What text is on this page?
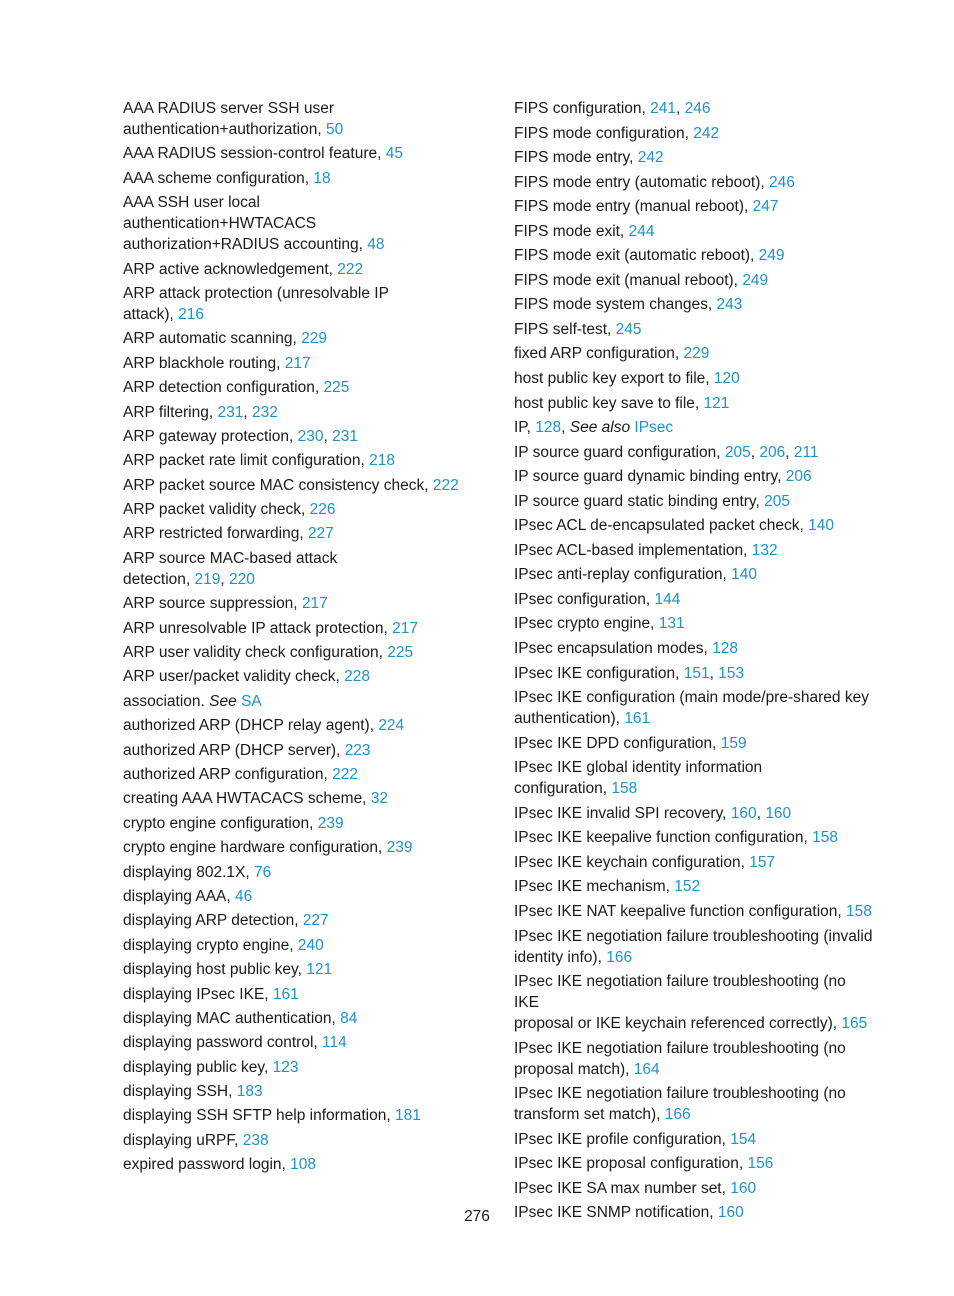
AAA RADIUS server SSH user
authentication+authorization, 50
AAA RADIUS session-control feature, 45
AAA scheme configuration, 18
AAA SSH user local
authentication+HWTACACS
authorization+RADIUS accounting, 48
ARP active acknowledgement, 222
ARP attack protection (unresolvable IP
attack), 216
ARP automatic scanning, 229
ARP blackhole routing, 217
ARP detection configuration, 225
ARP filtering, 231, 232
ARP gateway protection, 230, 231
ARP packet rate limit configuration, 218
ARP packet source MAC consistency check, 222
ARP packet validity check, 226
ARP restricted forwarding, 227
ARP source MAC-based attack
detection, 219, 220
ARP source suppression, 217
ARP unresolvable IP attack protection, 217
ARP user validity check configuration, 225
ARP user/packet validity check, 228
association. See SA
authorized ARP (DHCP relay agent), 224
authorized ARP (DHCP server), 223
authorized ARP configuration, 222
creating AAA HWTACACS scheme, 32
crypto engine configuration, 239
crypto engine hardware configuration, 239
displaying 802.1X, 76
displaying AAA, 46
displaying ARP detection, 227
displaying crypto engine, 240
displaying host public key, 121
displaying IPsec IKE, 161
displaying MAC authentication, 84
displaying password control, 114
displaying public key, 123
displaying SSH, 183
displaying SSH SFTP help information, 181
displaying uRPF, 238
expired password login, 108
FIPS configuration, 241, 246
FIPS mode configuration, 242
FIPS mode entry, 242
FIPS mode entry (automatic reboot), 246
FIPS mode entry (manual reboot), 247
FIPS mode exit, 244
FIPS mode exit (automatic reboot), 249
FIPS mode exit (manual reboot), 249
FIPS mode system changes, 243
FIPS self-test, 245
fixed ARP configuration, 229
host public key export to file, 120
host public key save to file, 121
IP, 128, See also IPsec
IP source guard configuration, 205, 206, 211
IP source guard dynamic binding entry, 206
IP source guard static binding entry, 205
IPsec ACL de-encapsulated packet check, 140
IPsec ACL-based implementation, 132
IPsec anti-replay configuration, 140
IPsec configuration, 144
IPsec crypto engine, 131
IPsec encapsulation modes, 128
IPsec IKE configuration, 151, 153
IPsec IKE configuration (main mode/pre-shared key
authentication), 161
IPsec IKE DPD configuration, 159
IPsec IKE global identity information
configuration, 158
IPsec IKE invalid SPI recovery, 160, 160
IPsec IKE keepalive function configuration, 158
IPsec IKE keychain configuration, 157
IPsec IKE mechanism, 152
IPsec IKE NAT keepalive function configuration, 158
IPsec IKE negotiation failure troubleshooting (invalid
identity info), 166
IPsec IKE negotiation failure troubleshooting (no IKE
proposal or IKE keychain referenced correctly), 165
IPsec IKE negotiation failure troubleshooting (no
proposal match), 164
IPsec IKE negotiation failure troubleshooting (no
transform set match), 166
IPsec IKE profile configuration, 154
IPsec IKE proposal configuration, 156
IPsec IKE SA max number set, 160
IPsec IKE SNMP notification, 160
276
